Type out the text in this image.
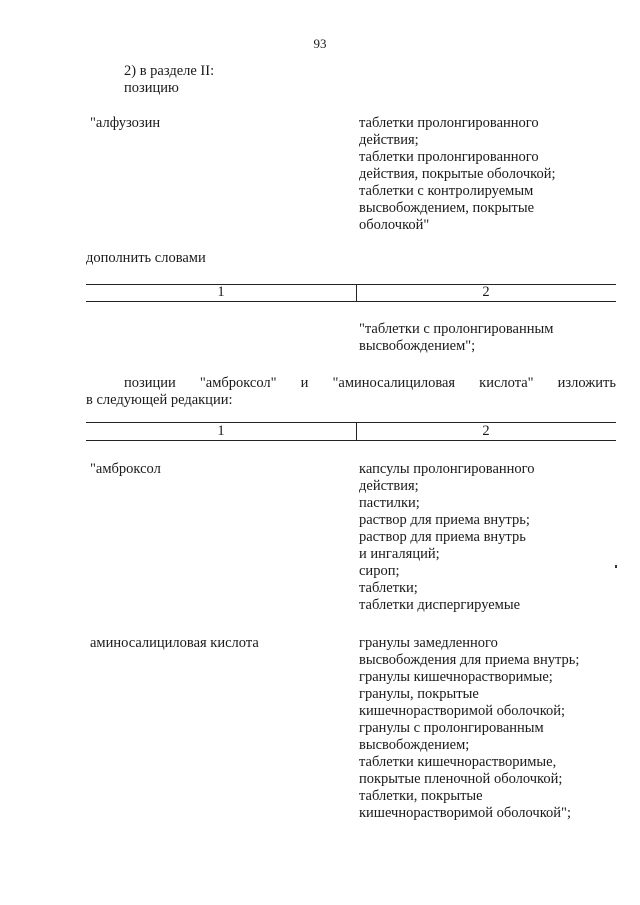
93
2) в разделе II:
позицию
"алфузозин	таблетки пролонгированного
действия;
таблетки пролонгированного
действия, покрытые оболочкой;
таблетки с контролируемым
высвобождением, покрытые
оболочкой"
дополнить словами
1	2
"таблетки с пролонгированным
высвобождением";
позиции "амброксол" и "аминосалициловая кислота" изложить
в следующей редакции:
1	2
"амброксол	капсулы пролонгированного
действия;
пастилки;
раствор для приема внутрь;
раствор для приема внутрь
и ингаляций;
сироп;
таблетки;
таблетки диспергируемые
аминосалициловая кислота	гранулы замедленного
высвобождения для приема внутрь;
гранулы кишечнорастворимые;
гранулы, покрытые
кишечнорастворимой оболочкой;
гранулы с пролонгированным
высвобождением;
таблетки кишечнорастворимые,
покрытые пленочной оболочкой;
таблетки, покрытые
кишечнорастворимой оболочкой";
